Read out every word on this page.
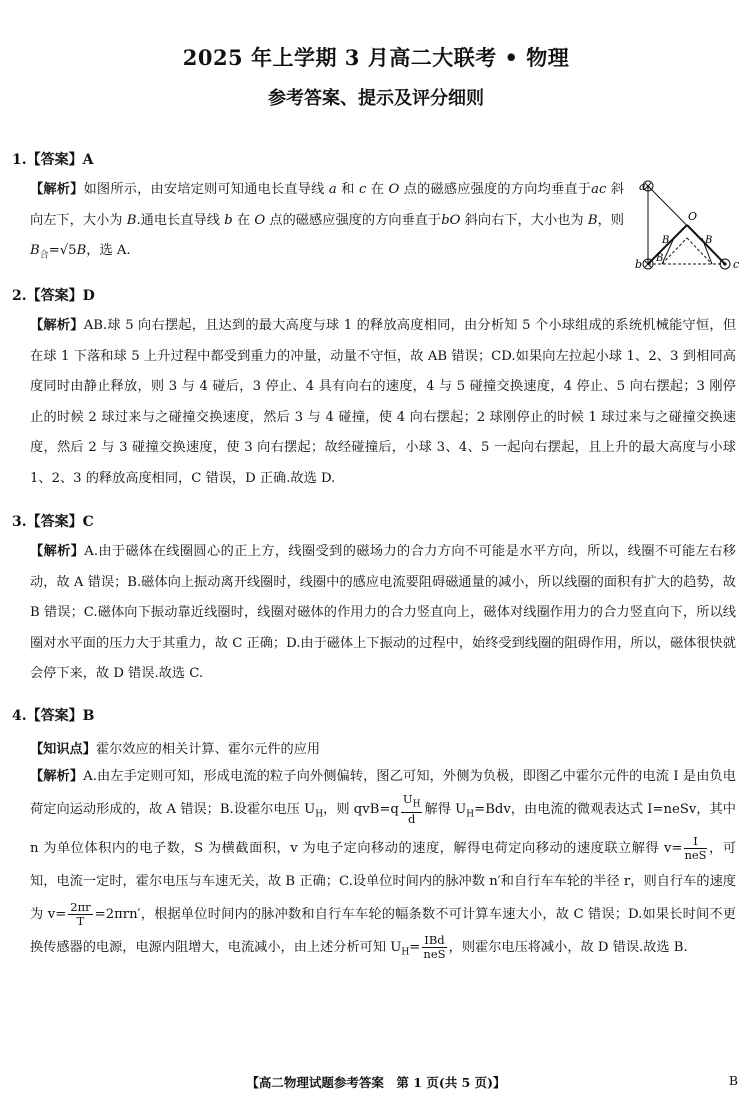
2025 年上学期 3 月高二大联考 • 物理
参考答案、提示及评分细则
1.【答案】A

【解析】如图所示，由安培定则可知通电长直导线 a 和 c 在 O 点的磁感应强度的方向均垂直于ac 斜向左下，大小为 B.通电长直导线 b 在 O 点的磁感应强度的方向垂直于bO 斜向右下，大小也为 B，则 $B_合=√5B$，选 A.

a
b	c
O
B	B
B
2.【答案】D

【解析】AB.球 5 向右摆起，且达到的最大高度与球 1 的释放高度相同，由分析知 5 个小球组成的系统机械能守恒，但在球 1 下落和球 5 上升过程中都受到重力的冲量，动量不守恒，故 AB 错误；CD.如果向左拉起小球 1、2、3 到相同高度同时由静止释放，则 3 与 4 碰后，3 停止、4 具有向右的速度，4 与 5 碰撞交换速度，4 停止、5 向右摆起；3 刚停止的时候 2 球过来与之碰撞交换速度，然后 3 与 4 碰撞，使 4 向右摆起；2 球刚停止的时候 1 球过来与之碰撞交换速度，然后 2 与 3 碰撞交换速度，使 3 向右摆起；故经碰撞后，小球 3、4、5 一起向右摆起，且上升的最大高度与小球 1、2、3 的释放高度相同，C 错误，D 正确.故选 D.

3.【答案】C

【解析】A.由于磁体在线圈圆心的正上方，线圈受到的磁场力的合力方向不可能是水平方向，所以，线圈不可能左右移动，故 A 错误；B.磁体向上振动离开线圈时，线圈中的感应电流要阻碍磁通量的减小，所以线圈的面积有扩大的趋势，故 B 错误；C.磁体向下振动靠近线圈时，线圈对磁体的作用力的合力竖直向上，磁体对线圈作用力的合力竖直向下，所以线圈对水平面的压力大于其重力，故 C 正确；D.由于磁体上下振动的过程中，始终受到线圈的阻碍作用，所以，磁体很快就会停下来，故 D 错误.故选 C.

4.【答案】B
【知识点】霍尔效应的相关计算、霍尔元件的应用

【解析】A.由左手定则可知，形成电流的粒子向外侧偏转，图乙可知，外侧为负极，即图乙中霍尔元件的电流 I 是由负电荷定向运动形成的，故 A 错误；B.设霍尔电压 $U_H$，则 $qvB=q \frac{U_H}{d}$ 解得 $U_H=Bdv$，由电流的微观表达式 I=neSv，其中 n 为单位体积内的电子数，S 为横截面积，v 为电子定向移动的速度，解得电荷定向移动的速度联立解得 $v= \frac{I}{\text{neS}}$ ，可知，电流一定时，霍尔电压与车速无关，故 B 正确；C.设单位时间内的脉冲数 n′和自行车车轮的半径 r，则自行车的速度为 $v= \frac{2\pi r}{T} =2\pi rn'$，根据单位时间内的脉冲数和自行车车轮的幅条数不可计算车速大小，故 C 错误；D.如果长时间不更换传感器的电源，电源内阻增大，电流减小，由上述分析可知 $U_H= \frac{\text{IBd}}{\text{neS}}$ ，则霍尔电压将减小，故 D 错误.故选 B.

【高二物理试题参考答案　第 1 页(共 5 页)】	B
